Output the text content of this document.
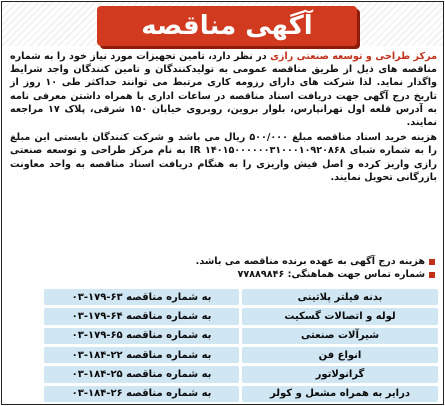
آگهی مناقصه

مرکز طراحی و توسعه صنعتی رازی در نظر دارد، تامین تجهیزات مورد نیاز خود را به شماره مناقصه های ذیل از طریق مناقصه عمومی به تولیدکنندگان و تامین کنندگان واجد شرایط واگذار نماید. لذا شرکت های دارای رزومه کاری مرتبط می توانند حداکثر طی ۱۰ روز از تاریخ درج آگهی جهت دریافت اسناد مناقصه در ساعات اداری با همراه داشتن معرفی نامه به آدرس قلعه اول تهرانپارس، بلوار بروین، روبروی خیابان ۱۵۰ شرقی، پلاک ۱۷ مراجعه نمایند.

هزینه خرید اسناد مناقصه مبلغ ۵۰۰/۰۰۰ ریال می باشد و شرکت کنندگان بایستی این مبلغ را به شماره شبای IR ۱۴۰۱۵۰۰۰۰۰۰۳۱۰۰۰۱۰۹۲۰۸۶۸ به نام مرکز طراحی و توسعه صنعتی رازی واریز کرده و اصل فیش واریزی را به هنگام دریافت اسناد مناقصه به واحد معاونت بازرگانی تحویل نمایند.

هزینه درج آگهی به عهده برنده مناقصه می باشد.
شماره تماس جهت هماهنگی: ۷۷۸۸۹۸۴۶
بدنه فیلتر پلاتینی
به شماره مناقصه ۶۳-۱۷۹-۰۳
لوله و اتصالات گسکیت
به شماره مناقصه ۶۴-۱۷۹-۰۳
شیرآلات صنعتی
به شماره مناقصه ۶۵-۱۷۹-۰۳
انواع فن
به شماره مناقصه ۲۲-۱۸۴-۰۳
گرانولاتور
به شماره مناقصه ۲۵-۱۸۴-۰۳
درایر به همراه مشعل و کولر
به شماره مناقصه ۲۶-۱۸۴-۰۳
